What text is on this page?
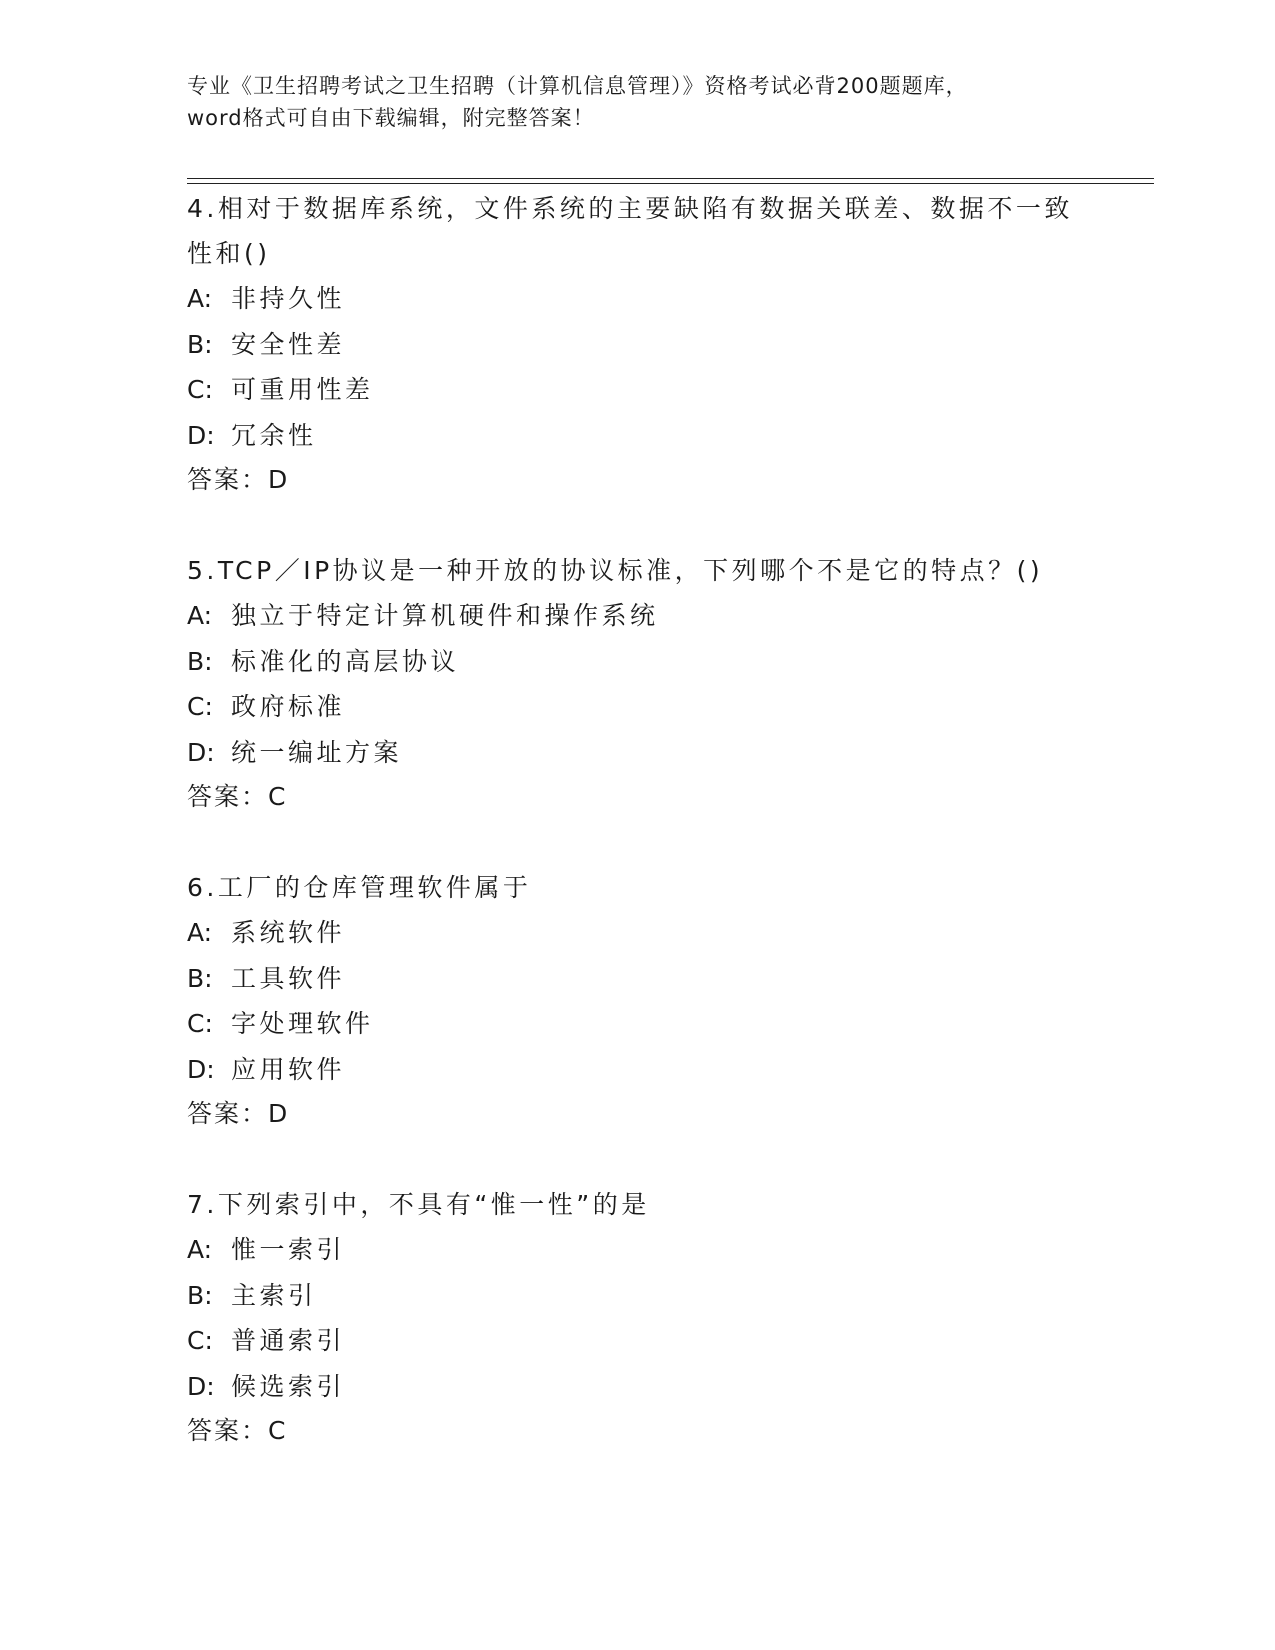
专业《卫生招聘考试之卫生招聘（计算机信息管理）》资格考试必背200题题库，
word格式可自由下载编辑，附完整答案！

4.相对于数据库系统，文件系统的主要缺陷有数据关联差、数据不一致性和()

A: 非持久性
B: 安全性差
C: 可重用性差
D: 冗余性
答案：D

5.TCP／IP协议是一种开放的协议标准，下列哪个不是它的特点？()

A: 独立于特定计算机硬件和操作系统
B: 标准化的高层协议
C: 政府标准
D: 统一编址方案
答案：C

6.工厂的仓库管理软件属于

A: 系统软件
B: 工具软件
C: 字处理软件
D: 应用软件
答案：D

7.下列索引中，不具有“惟一性”的是

A: 惟一索引
B: 主索引
C: 普通索引
D: 候选索引
答案：C
